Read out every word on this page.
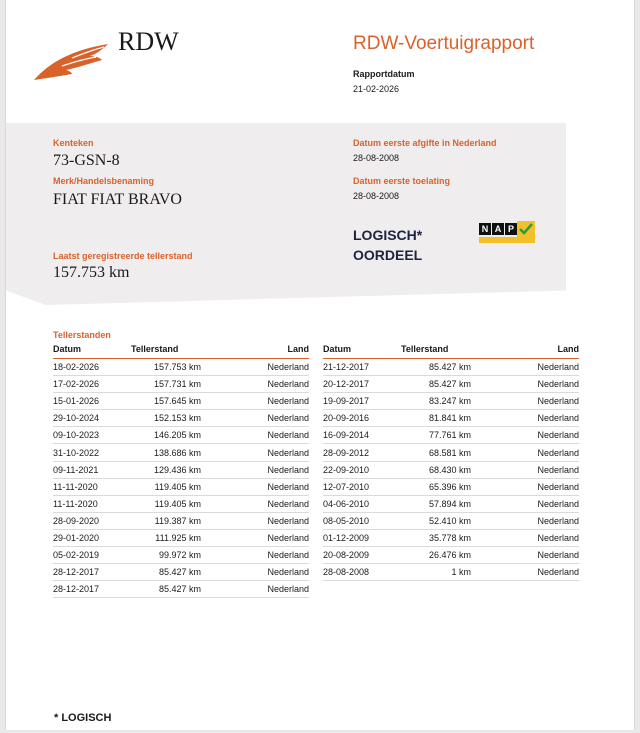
RDW	RDW-Voertuigrapport
Rapportdatum
21-02-2026
Kenteken
73-GSN-8
Merk/Handelsbenaming
FIAT FIAT BRAVO
Laatst geregistreerde tellerstand
157.753 km
Datum eerste afgifte in Nederland
28-08-2008
Datum eerste toelating
28-08-2008
LOGISCH*
OORDEEL
N A P
Tellerstanden
Datum	Tellerstand	Land
18-02-2026	157.753 km	Nederland
17-02-2026	157.731 km	Nederland
15-01-2026	157.645 km	Nederland
29-10-2024	152.153 km	Nederland
09-10-2023	146.205 km	Nederland
31-10-2022	138.686 km	Nederland
09-11-2021	129.436 km	Nederland
11-11-2020	119.405 km	Nederland
11-11-2020	119.405 km	Nederland
28-09-2020	119.387 km	Nederland
29-01-2020	111.925 km	Nederland
05-02-2019	99.972 km	Nederland
28-12-2017	85.427 km	Nederland
28-12-2017	85.427 km	Nederland
Datum	Tellerstand	Land
21-12-2017	85.427 km	Nederland
20-12-2017	85.427 km	Nederland
19-09-2017	83.247 km	Nederland
20-09-2016	81.841 km	Nederland
16-09-2014	77.761 km	Nederland
28-09-2012	68.581 km	Nederland
22-09-2010	68.430 km	Nederland
12-07-2010	65.396 km	Nederland
04-06-2010	57.894 km	Nederland
08-05-2010	52.410 km	Nederland
01-12-2009	35.778 km	Nederland
20-08-2009	26.476 km	Nederland
28-08-2008	1 km	Nederland
* LOGISCH
